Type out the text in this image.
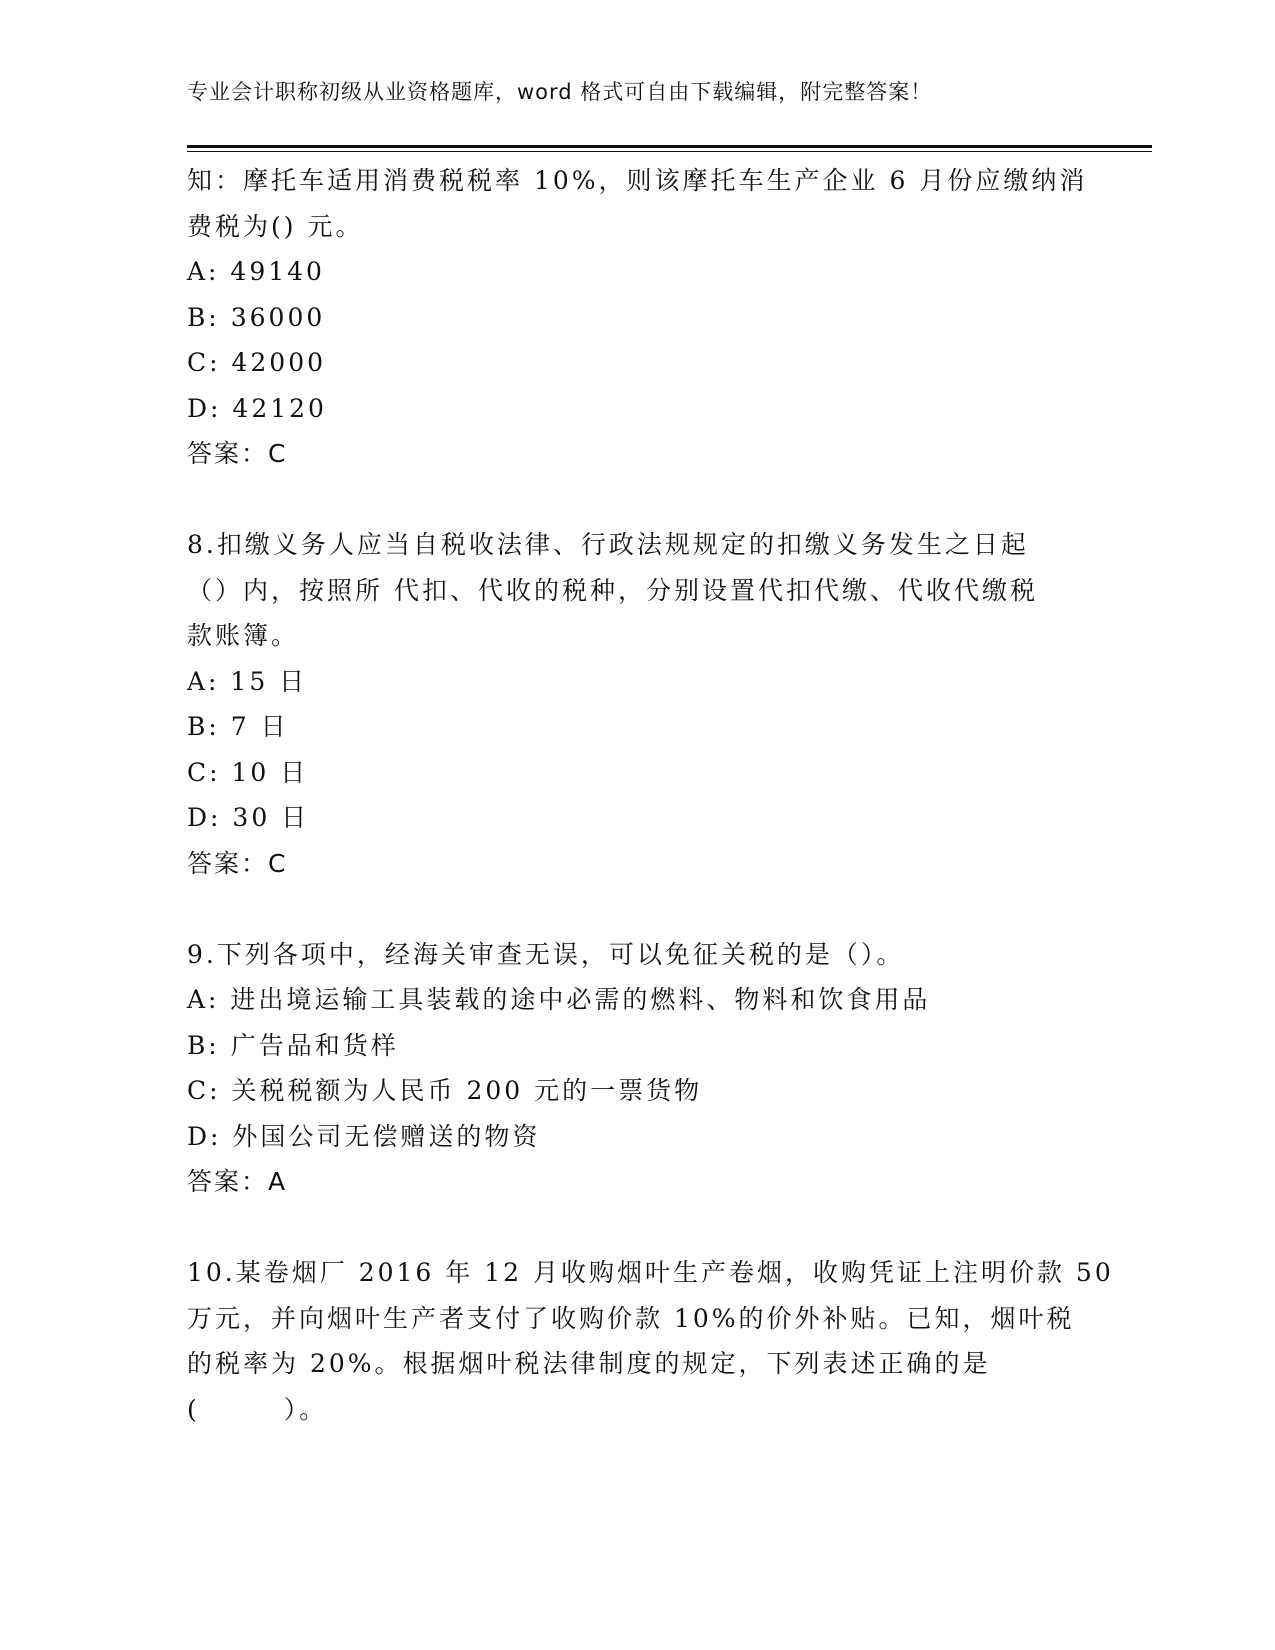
专业会计职称初级从业资格题库，word 格式可自由下载编辑，附完整答案！
知：摩托车适用消费税税率 10%，则该摩托车生产企业 6 月份应缴纳消
费税为() 元。
A: 49140
B: 36000
C: 42000
D: 42120
答案：C
8.扣缴义务人应当自税收法律、行政法规规定的扣缴义务发生之日起
（）内，按照所 代扣、代收的税种，分别设置代扣代缴、代收代缴税
款账簿。
A: 15 日
B: 7 日
C: 10 日
D: 30 日
答案：C
9.下列各项中，经海关审查无误，可以免征关税的是（）。
A: 进出境运输工具装载的途中必需的燃料、物料和饮食用品
B: 广告品和货样
C: 关税税额为人民币 200 元的一票货物
D: 外国公司无偿赠送的物资
答案：A
10.某卷烟厂 2016 年 12 月收购烟叶生产卷烟，收购凭证上注明价款 50
万元，并向烟叶生产者支付了收购价款 10%的价外补贴。已知，烟叶税
的税率为 20%。根据烟叶税法律制度的规定，下列表述正确的是
(　　　）。
